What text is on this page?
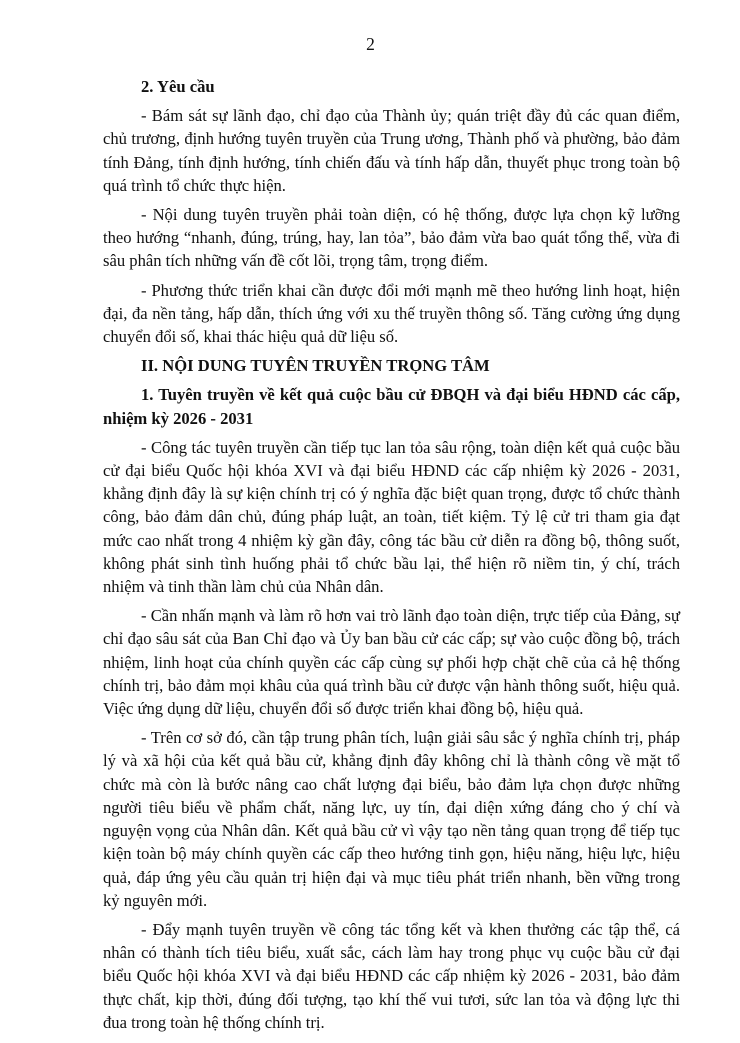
2
2. Yêu cầu
- Bám sát sự lãnh đạo, chỉ đạo của Thành ủy; quán triệt đầy đủ các quan điểm, chủ trương, định hướng tuyên truyền của Trung ương, Thành phố và phường, bảo đảm tính Đảng, tính định hướng, tính chiến đấu và tính hấp dẫn, thuyết phục trong toàn bộ quá trình tổ chức thực hiện.
- Nội dung tuyên truyền phải toàn diện, có hệ thống, được lựa chọn kỹ lưỡng theo hướng “nhanh, đúng, trúng, hay, lan tỏa”, bảo đảm vừa bao quát tổng thể, vừa đi sâu phân tích những vấn đề cốt lõi, trọng tâm, trọng điểm.
- Phương thức triển khai cần được đổi mới mạnh mẽ theo hướng linh hoạt, hiện đại, đa nền tảng, hấp dẫn, thích ứng với xu thế truyền thông số. Tăng cường ứng dụng chuyển đổi số, khai thác hiệu quả dữ liệu số.
II. NỘI DUNG TUYÊN TRUYỀN TRỌNG TÂM
1. Tuyên truyền về kết quả cuộc bầu cử ĐBQH và đại biểu HĐND các cấp, nhiệm kỳ 2026 - 2031
- Công tác tuyên truyền cần tiếp tục lan tỏa sâu rộng, toàn diện kết quả cuộc bầu cử đại biểu Quốc hội khóa XVI và đại biểu HĐND các cấp nhiệm kỳ 2026 - 2031, khẳng định đây là sự kiện chính trị có ý nghĩa đặc biệt quan trọng, được tổ chức thành công, bảo đảm dân chủ, đúng pháp luật, an toàn, tiết kiệm. Tỷ lệ cử tri tham gia đạt mức cao nhất trong 4 nhiệm kỳ gần đây, công tác bầu cử diễn ra đồng bộ, thông suốt, không phát sinh tình huống phải tổ chức bầu lại, thể hiện rõ niềm tin, ý chí, trách nhiệm và tinh thần làm chủ của Nhân dân.
- Cần nhấn mạnh và làm rõ hơn vai trò lãnh đạo toàn diện, trực tiếp của Đảng, sự chỉ đạo sâu sát của Ban Chỉ đạo và Ủy ban bầu cử các cấp; sự vào cuộc đồng bộ, trách nhiệm, linh hoạt của chính quyền các cấp cùng sự phối hợp chặt chẽ của cả hệ thống chính trị, bảo đảm mọi khâu của quá trình bầu cử được vận hành thông suốt, hiệu quả. Việc ứng dụng dữ liệu, chuyển đổi số được triển khai đồng bộ, hiệu quả.
- Trên cơ sở đó, cần tập trung phân tích, luận giải sâu sắc ý nghĩa chính trị, pháp lý và xã hội của kết quả bầu cử, khẳng định đây không chỉ là thành công về mặt tổ chức mà còn là bước nâng cao chất lượng đại biểu, bảo đảm lựa chọn được những người tiêu biểu về phẩm chất, năng lực, uy tín, đại diện xứng đáng cho ý chí và nguyện vọng của Nhân dân. Kết quả bầu cử vì vậy tạo nền tảng quan trọng để tiếp tục kiện toàn bộ máy chính quyền các cấp theo hướng tinh gọn, hiệu năng, hiệu lực, hiệu quả, đáp ứng yêu cầu quản trị hiện đại và mục tiêu phát triển nhanh, bền vững trong kỷ nguyên mới.
- Đẩy mạnh tuyên truyền về công tác tổng kết và khen thưởng các tập thể, cá nhân có thành tích tiêu biểu, xuất sắc, cách làm hay trong phục vụ cuộc bầu cử đại biểu Quốc hội khóa XVI và đại biểu HĐND các cấp nhiệm kỳ 2026 - 2031, bảo đảm thực chất, kịp thời, đúng đối tượng, tạo khí thế vui tươi, sức lan tỏa và động lực thi đua trong toàn hệ thống chính trị.
